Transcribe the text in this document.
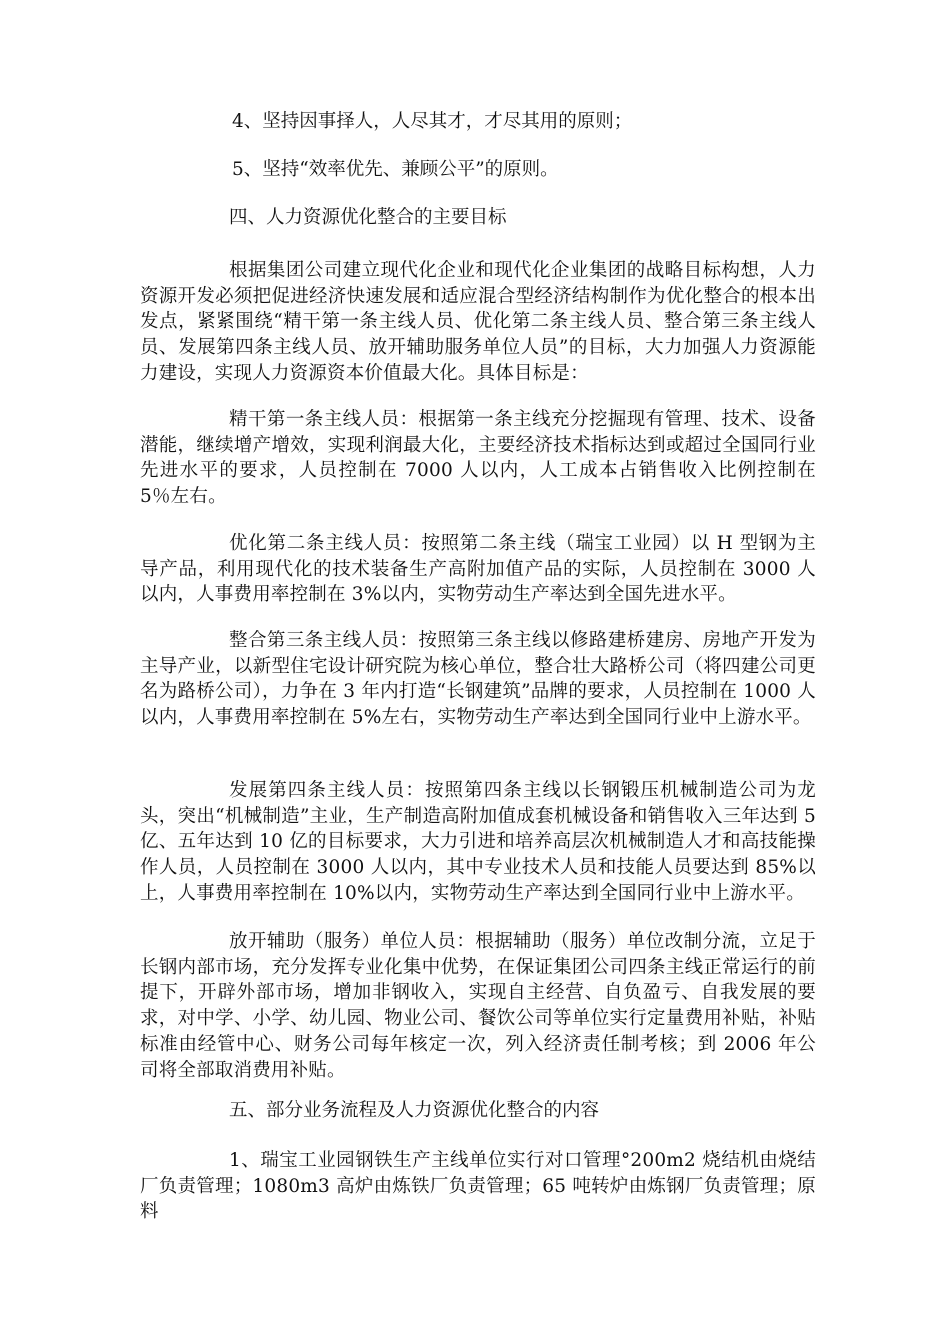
4、坚持因事择人，人尽其才，才尽其用的原则；
5、坚持“效率优先、兼顾公平”的原则。
四、人力资源优化整合的主要目标
根据集团公司建立现代化企业和现代化企业集团的战略目标构想，人力资源开发必须把促进经济快速发展和适应混合型经济结构制作为优化整合的根本出发点，紧紧围绕“精干第一条主线人员、优化第二条主线人员、整合第三条主线人员、发展第四条主线人员、放开辅助服务单位人员”的目标，大力加强人力资源能力建设，实现人力资源资本价值最大化。具体目标是：
精干第一条主线人员：根据第一条主线充分挖掘现有管理、技术、设备潜能，继续增产增效，实现利润最大化，主要经济技术指标达到或超过全国同行业先进水平的要求，人员控制在 7000 人以内，人工成本占销售收入比例控制在 5％左右。
优化第二条主线人员：按照第二条主线（瑞宝工业园）以 H 型钢为主导产品，利用现代化的技术装备生产高附加值产品的实际，人员控制在 3000 人以内，人事费用率控制在 3%以内，实物劳动生产率达到全国先进水平。
整合第三条主线人员：按照第三条主线以修路建桥建房、房地产开发为主导产业，以新型住宅设计研究院为核心单位，整合壮大路桥公司（将四建公司更名为路桥公司），力争在 3 年内打造“长钢建筑”品牌的要求，人员控制在 1000 人以内，人事费用率控制在 5%左右，实物劳动生产率达到全国同行业中上游水平。
发展第四条主线人员：按照第四条主线以长钢锻压机械制造公司为龙头，突出“机械制造”主业，生产制造高附加值成套机械设备和销售收入三年达到 5 亿、五年达到 10 亿的目标要求，大力引进和培养高层次机械制造人才和高技能操作人员，人员控制在 3000 人以内，其中专业技术人员和技能人员要达到 85%以上，人事费用率控制在 10%以内，实物劳动生产率达到全国同行业中上游水平。
放开辅助（服务）单位人员：根据辅助（服务）单位改制分流，立足于长钢内部市场，充分发挥专业化集中优势，在保证集团公司四条主线正常运行的前提下，开辟外部市场，增加非钢收入，实现自主经营、自负盈亏、自我发展的要求，对中学、小学、幼儿园、物业公司、餐饮公司等单位实行定量费用补贴，补贴标准由经管中心、财务公司每年核定一次，列入经济责任制考核；到 2006 年公司将全部取消费用补贴。
五、部分业务流程及人力资源优化整合的内容
1、瑞宝工业园钢铁生产主线单位实行对口管理°200m2 烧结机由烧结厂负责管理；1080m3 高炉由炼铁厂负责管理；65 吨转炉由炼钢厂负责管理；原料
